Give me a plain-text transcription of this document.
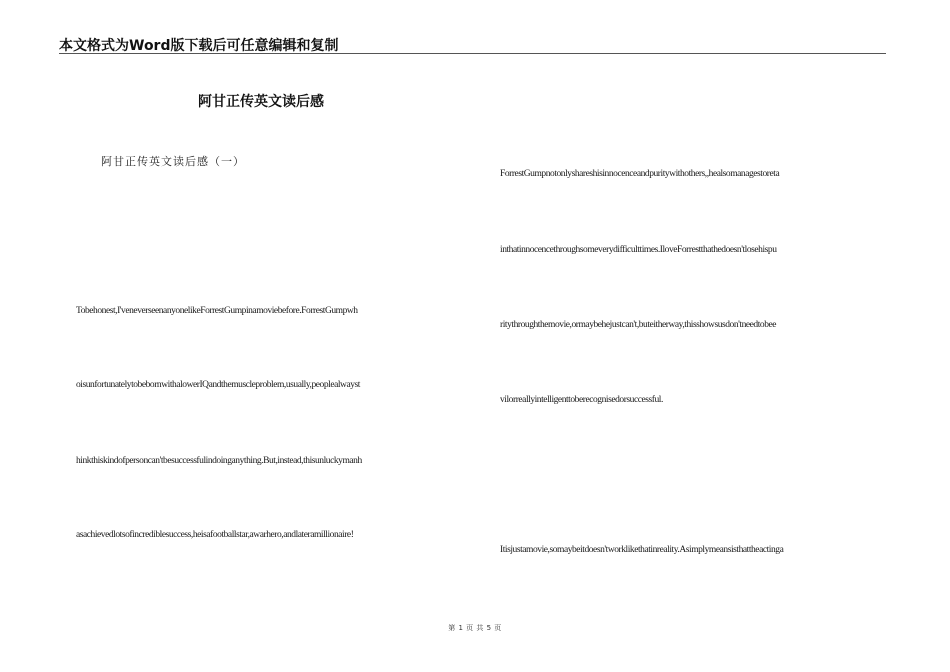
本文格式为Word版下载后可任意编辑和复制
阿甘正传英文读后感
阿甘正传英文读后感（一）
Tobehonest,I'veneverseenanyonelikeForrestGumpinamoviebefore.ForrestGumpwh
oisunfortunatelytobebornwithalowerIQandthemuscleproblem,usually,peoplealwayst
hinkthiskindofpersoncan'tbesuccessfulindoinganything.But,instead,thisunluckymanh
asachievedlotsofincrediblesuccess,heisafootballstar,awarhero,andlateramillionaire!
ForrestGumpnotonlyshareshisinnocenceandpuritywithothers,,healsomanagestoreta
inthatinnocencethroughsomeverydifficulttimes.IloveForrestthathedoesn'tlosehispu
ritythroughthemovie,ormaybehejustcan't,buteitherway,thisshowsusdon'tneedtobee
vilorreallyintelligenttoberecognisedorsuccessful.
Itisjustamovie,somaybeitdoesn'tworklikethatinreality.Asimplymeansisthattheactinga
第 1 页 共 5 页
